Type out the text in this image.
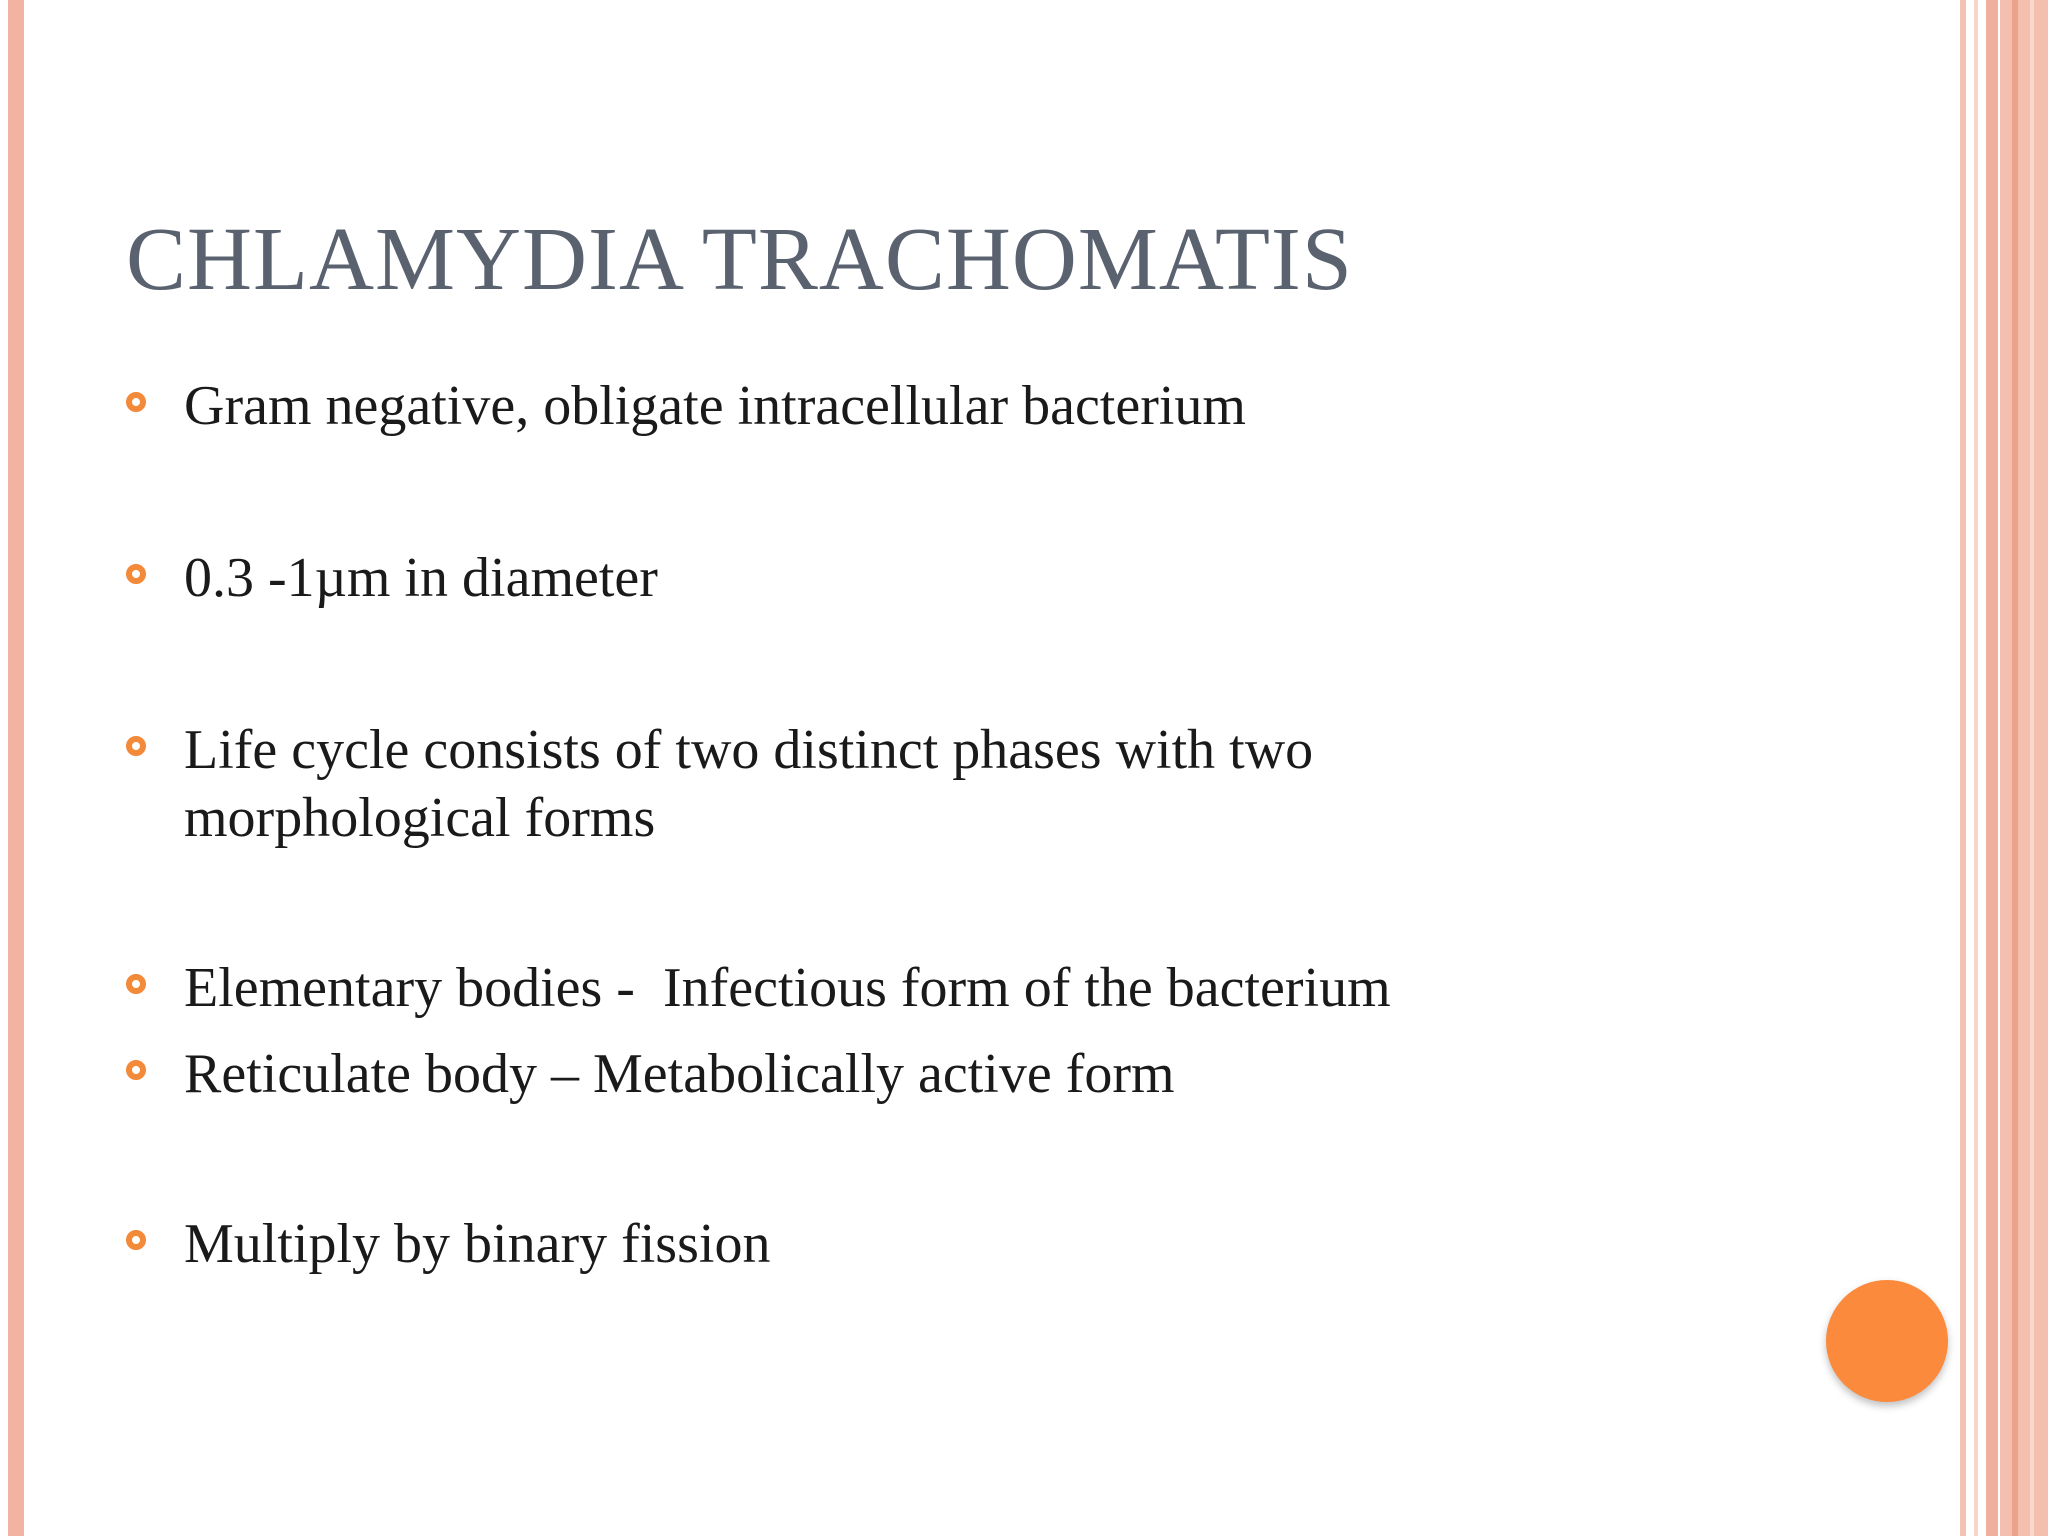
CHLAMYDIA TRACHOMATIS
Gram negative, obligate intracellular bacterium
0.3 -1µm in diameter
Life cycle consists of two distinct phases with two morphological forms
Elementary bodies -  Infectious form of the bacterium
Reticulate body – Metabolically active form
Multiply by binary fission
